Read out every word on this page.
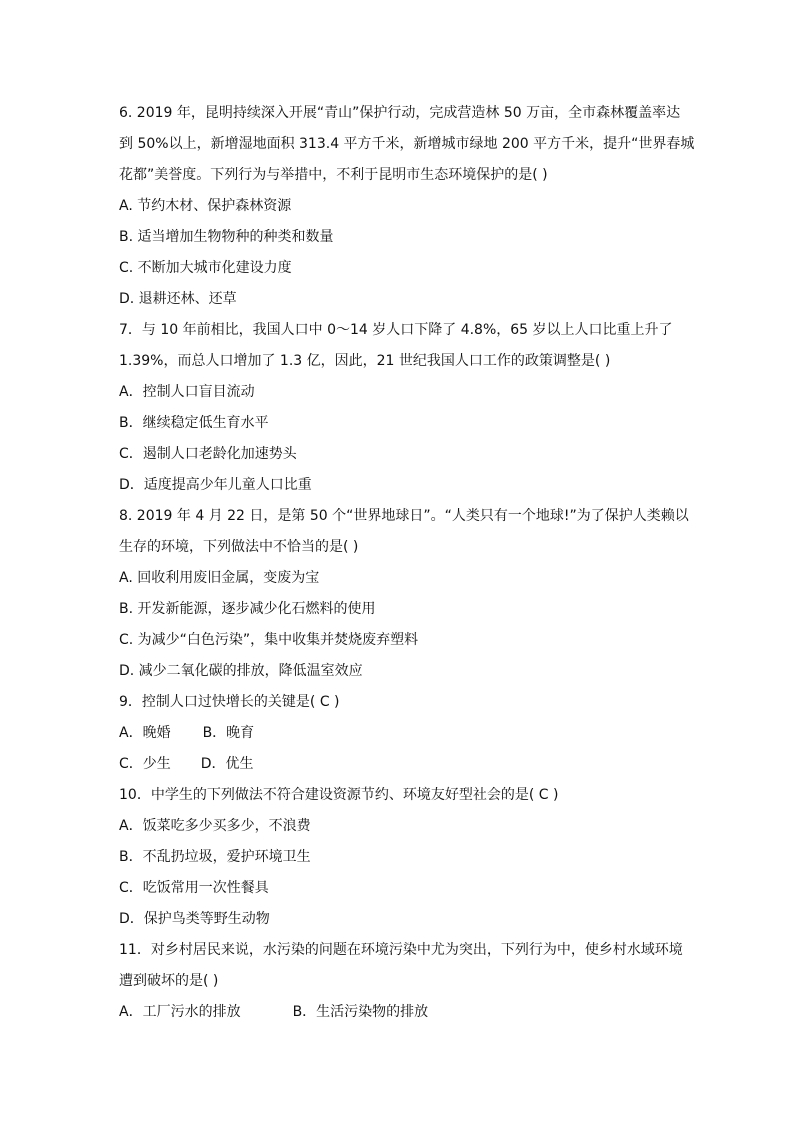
6. 2019 年，昆明持续深入开展“青山”保护行动，完成营造林 50 万亩，全市森林覆盖率达
到 50%以上，新增湿地面积 313.4 平方千米，新增城市绿地 200 平方千米，提升“世界春城
花都”美誉度。下列行为与举措中，不利于昆明市生态环境保护的是( )
A. 节约木材、保护森林资源
B. 适当增加生物物种的种类和数量
C. 不断加大城市化建设力度
D. 退耕还林、还草
7．与 10 年前相比，我国人口中 0～14 岁人口下降了 4.8%，65 岁以上人口比重上升了
1.39%，而总人口增加了 1.3 亿，因此，21 世纪我国人口工作的政策调整是( )
A．控制人口盲目流动
B．继续稳定低生育水平
C．遏制人口老龄化加速势头
D．适度提高少年儿童人口比重
8. 2019 年 4 月 22 日，是第 50 个“世界地球日”。“人类只有一个地球!”为了保护人类赖以
生存的环境，下列做法中不恰当的是( )
A. 回收利用废旧金属，变废为宝
B. 开发新能源，逐步减少化石燃料的使用
C. 为减少“白色污染”，集中收集并焚烧废弃塑料
D. 减少二氧化碳的排放，降低温室效应
9．控制人口过快增长的关键是( C )
A．晚婚 B．晚育
C．少生 D．优生
10．中学生的下列做法不符合建设资源节约、环境友好型社会的是( C )
A．饭菜吃多少买多少，不浪费
B．不乱扔垃圾，爱护环境卫生
C．吃饭常用一次性餐具
D．保护鸟类等野生动物
11．对乡村居民来说，水污染的问题在环境污染中尤为突出，下列行为中，使乡村水域环境
遭到破坏的是( )
A．工厂污水的排放	B．生活污染物的排放
